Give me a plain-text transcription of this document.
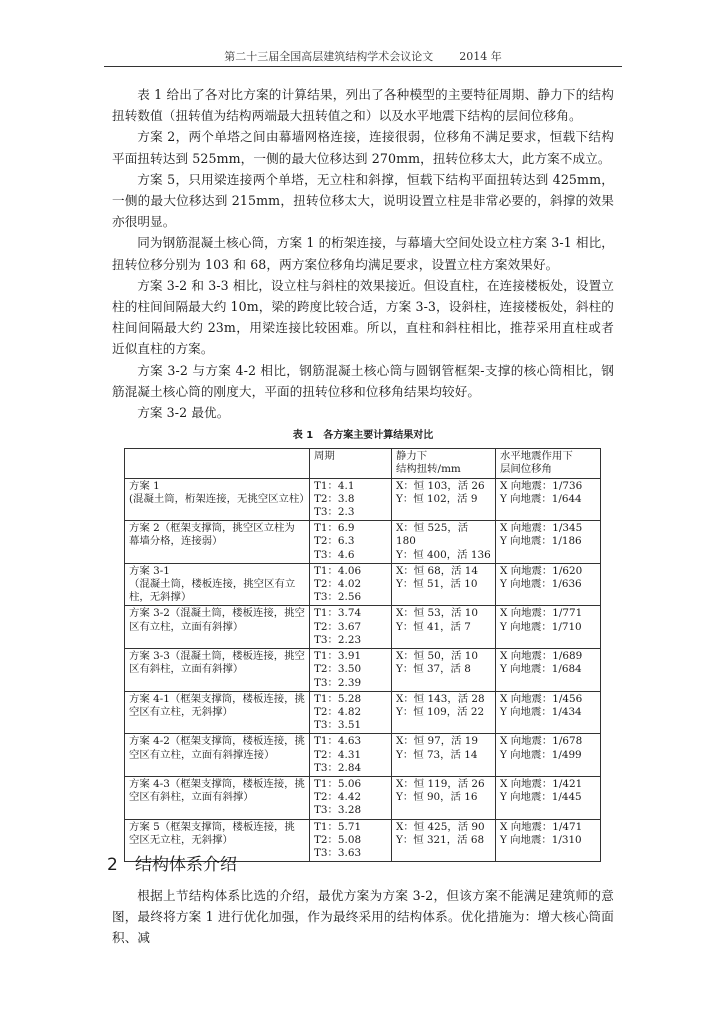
第二十三届全国高层建筑结构学术会议论文 2014 年

表 1 给出了各对比方案的计算结果，列出了各种模型的主要特征周期、静力下的结构扭转数值（扭转值为结构两端最大扭转值之和）以及水平地震下结构的层间位移角。

方案 2，两个单塔之间由幕墙网格连接，连接很弱，位移角不满足要求，恒载下结构平面扭转达到 525mm，一侧的最大位移达到 270mm，扭转位移太大，此方案不成立。

方案 5，只用梁连接两个单塔，无立柱和斜撑，恒载下结构平面扭转达到 425mm，一侧的最大位移达到 215mm，扭转位移太大，说明设置立柱是非常必要的，斜撑的效果亦很明显。

同为钢筋混凝土核心筒，方案 1 的桁架连接，与幕墙大空间处设立柱方案 3-1 相比，扭转位移分别为 103 和 68，两方案位移角均满足要求，设置立柱方案效果好。

方案 3-2 和 3-3 相比，设立柱与斜柱的效果接近。但设直柱，在连接楼板处，设置立柱的柱间间隔最大约 10m，梁的跨度比较合适，方案 3-3，设斜柱，连接楼板处，斜柱的柱间间隔最大约 23m，用梁连接比较困难。所以，直柱和斜柱相比，推荐采用直柱或者近似直柱的方案。

方案 3-2 与方案 4-2 相比，钢筋混凝土核心筒与圆钢管框架-支撑的核心筒相比，钢筋混凝土核心筒的刚度大，平面的扭转位移和位移角结果均较好。

方案 3-2 最优。

表 1　各方案主要计算结果对比
	周期	静力下
结构扭转/mm	水平地震作用下
层间位移角
方案 1
(混凝土筒，桁架连接，无挑空区立柱）	T1：4.1
T2：3.8
T3：2.3	X：恒 103，活 26
Y：恒 102，活 9	X 向地震：1/736
Y 向地震：1/644
方案 2（框架支撑筒，挑空区立柱为幕墙分格，连接弱）	T1：6.9
T2：6.3
T3：4.6	X：恒 525，活 180
Y：恒 400，活 136	X 向地震：1/345
Y 向地震：1/186
方案 3-1
（混凝土筒，楼板连接，挑空区有立柱，无斜撑）	T1：4.06
T2：4.02
T3：2.56	X：恒 68，活 14
Y：恒 51，活 10	X 向地震：1/620
Y 向地震：1/636
方案 3-2（混凝土筒，楼板连接，挑空区有立柱，立面有斜撑）	T1：3.74
T2：3.67
T3：2.23	X：恒 53，活 10
Y：恒 41，活 7	X 向地震：1/771
Y 向地震：1/710
方案 3-3（混凝土筒，楼板连接，挑空区有斜柱，立面有斜撑）	T1：3.91
T2：3.50
T3：2.39	X：恒 50，活 10
Y：恒 37，活 8	X 向地震：1/689
Y 向地震：1/684
方案 4-1（框架支撑筒，楼板连接，挑空区有立柱，无斜撑）	T1：5.28
T2：4.82
T3：3.51	X：恒 143，活 28
Y：恒 109，活 22	X 向地震：1/456
Y 向地震：1/434
方案 4-2（框架支撑筒，楼板连接，挑空区有立柱，立面有斜撑连接）	T1：4.63
T2：4.31
T3：2.84	X：恒 97，活 19
Y：恒 73，活 14	X 向地震：1/678
Y 向地震：1/499
方案 4-3（框架支撑筒，楼板连接，挑空区有斜柱，立面有斜撑）	T1：5.06
T2：4.42
T3：3.28	X：恒 119，活 26
Y：恒 90，活 16	X 向地震：1/421
Y 向地震：1/445
方案 5（框架支撑筒，楼板连接，挑空区无立柱，无斜撑）	T1：5.71
T2：5.08
T3：3.63	X：恒 425，活 90
Y：恒 321，活 68	X 向地震：1/471
Y 向地震：1/310
2 结构体系介绍

根据上节结构体系比选的介绍，最优方案为方案 3-2，但该方案不能满足建筑师的意图，最终将方案 1 进行优化加强，作为最终采用的结构体系。优化措施为：增大核心筒面积、减
